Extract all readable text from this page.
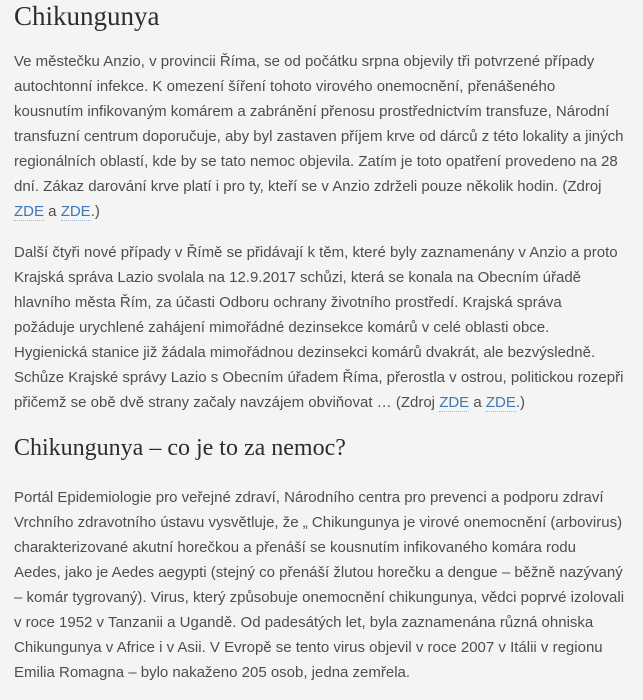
Chikungunya

Ve městečku Anzio, v provincii Říma, se od počátku srpna objevily tři potvrzené případy autochtonní infekce. K omezení šíření tohoto virového onemocnění, přenášeného kousnutím infikovaným komárem a zabránění přenosu prostřednictvím transfuze, Národní transfuzní centrum doporučuje, aby byl zastaven příjem krve od dárců z této lokality a jiných regionálních oblastí, kde by se tato nemoc objevila. Zatím je toto opatření provedeno na 28 dní. Zákaz darování krve platí i pro ty, kteří se v Anzio zdrželi pouze několik hodin. (Zdroj ZDE a ZDE.)

Další čtyři nové případy v Římě se přidávají k těm, které byly zaznamenány v Anzio a proto Krajská správa Lazio svolala na 12.9.2017 schůzi, která se konala na Obecním úřadě hlavního města Řím, za účasti Odboru ochrany životního prostředí. Krajská správa požáduje urychlené zahájení mimořádné dezinsekce komárů v celé oblasti obce.
Hygienická stanice již žádala mimořádnou dezinsekci komárů dvakrát, ale bezvýsledně. Schůze Krajské správy Lazio s Obecním úřadem Říma, přerostla v ostrou, politickou rozepři přičemž se obě dvě strany začaly navzájem obviňovat … (Zdroj ZDE a ZDE.)

Chikungunya – co je to za nemoc?

Portál Epidemiologie pro veřejné zdraví, Národního centra pro prevenci a podporu zdraví Vrchního zdravotního ústavu vysvětluje, že „ Chikungunya je virové onemocnění (arbovirus) charakterizované akutní horečkou a přenáší se kousnutím infikovaného komára rodu Aedes, jako je Aedes aegypti (stejný co přenáší žlutou horečku a dengue – běžně nazývaný – komár tygrovaný). Virus, který způsobuje onemocnění chikungunya, vědci poprvé izolovali v roce 1952 v Tanzanii a Ugandě. Od padesátých let, byla zaznamenána různá ohniska Chikungunya v Africe i v Asii. V Evropě se tento virus objevil v roce 2007 v Itálii v regionu Emilia Romagna – bylo nakaženo 205 osob, jedna zemřela.
